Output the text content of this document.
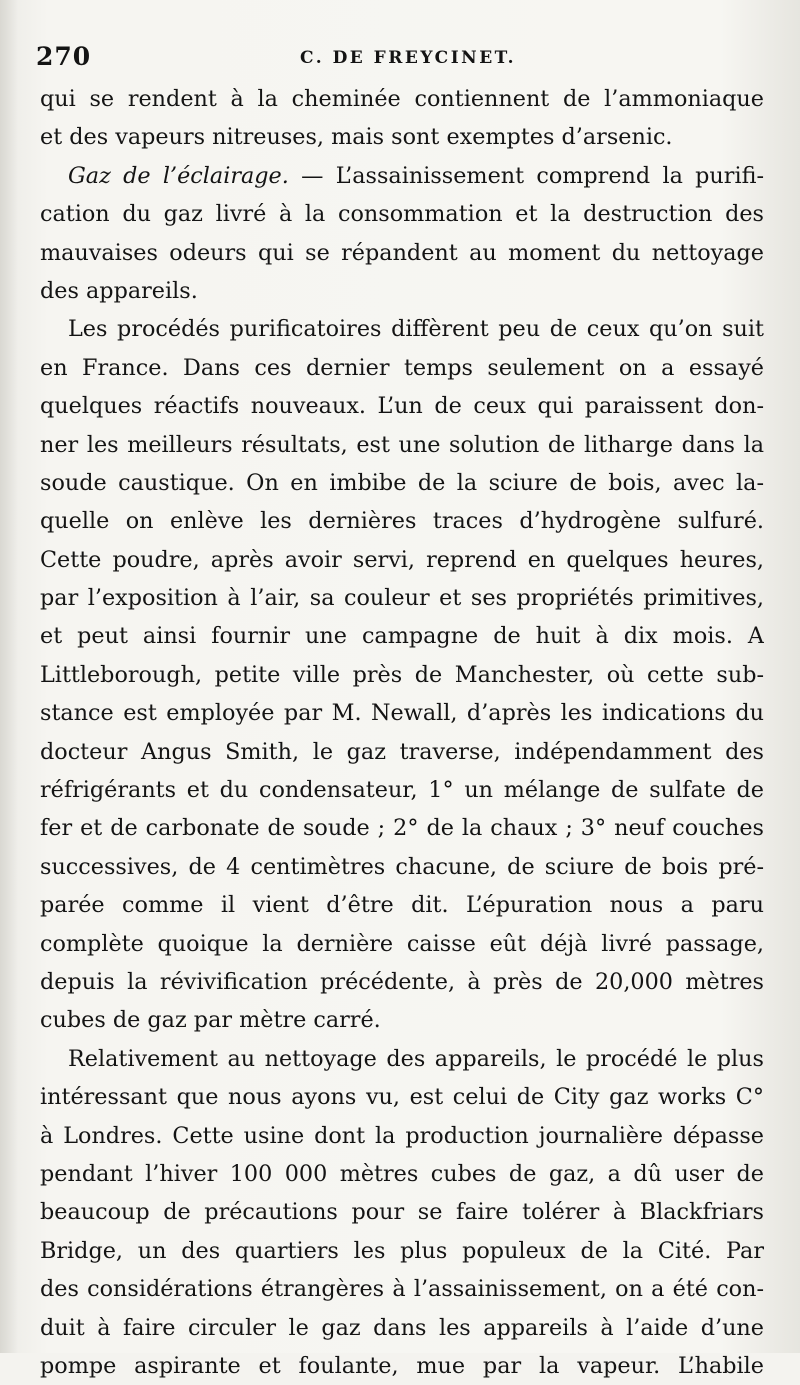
270	C. DE FREYCINET.
qui se rendent à la cheminée contiennent de l’ammoniaque
et des vapeurs nitreuses, mais sont exemptes d’arsenic.
Gaz de l’éclairage. — L’assainissement comprend la purifi-
cation du gaz livré à la consommation et la destruction des
mauvaises odeurs qui se répandent au moment du nettoyage
des appareils.
Les procédés purificatoires diffèrent peu de ceux qu’on suit
en France. Dans ces dernier temps seulement on a essayé
quelques réactifs nouveaux. L’un de ceux qui paraissent don-
ner les meilleurs résultats, est une solution de litharge dans la
soude caustique. On en imbibe de la sciure de bois, avec la-
quelle on enlève les dernières traces d’hydrogène sulfuré.
Cette poudre, après avoir servi, reprend en quelques heures,
par l’exposition à l’air, sa couleur et ses propriétés primitives,
et peut ainsi fournir une campagne de huit à dix mois. A
Littleborough, petite ville près de Manchester, où cette sub-
stance est employée par M. Newall, d’après les indications du
docteur Angus Smith, le gaz traverse, indépendamment des
réfrigérants et du condensateur, 1° un mélange de sulfate de
fer et de carbonate de soude ; 2° de la chaux ; 3° neuf couches
successives, de 4 centimètres chacune, de sciure de bois pré-
parée comme il vient d’être dit. L’épuration nous a paru
complète quoique la dernière caisse eût déjà livré passage,
depuis la révivification précédente, à près de 20,000 mètres
cubes de gaz par mètre carré.
Relativement au nettoyage des appareils, le procédé le plus
intéressant que nous ayons vu, est celui de City gaz works C°
à Londres. Cette usine dont la production journalière dépasse
pendant l’hiver 100 000 mètres cubes de gaz, a dû user de
beaucoup de précautions pour se faire tolérer à Blackfriars
Bridge, un des quartiers les plus populeux de la Cité. Par
des considérations étrangères à l’assainissement, on a été con-
duit à faire circuler le gaz dans les appareils à l’aide d’une
pompe aspirante et foulante, mue par la vapeur. L’habile
